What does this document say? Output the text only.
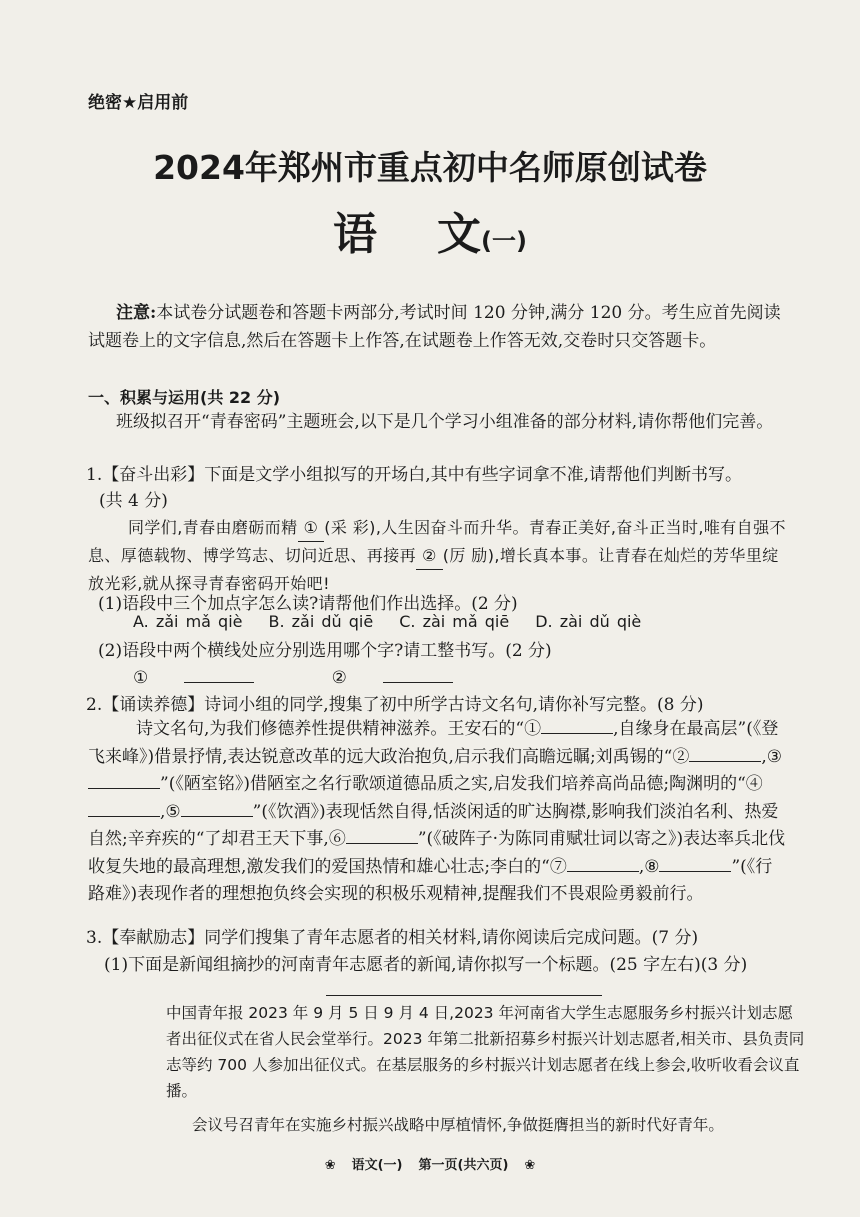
绝密★启用前
2024年郑州市重点初中名师原创试卷
语 文(一)
注意:本试卷分试题卷和答题卡两部分,考试时间 120 分钟,满分 120 分。考生应首先阅读试题卷上的文字信息,然后在答题卡上作答,在试题卷上作答无效,交卷时只交答题卡。
一、积累与运用(共 22 分)
班级拟召开“青春密码”主题班会,以下是几个学习小组准备的部分材料,请你帮他们完善。
1.【奋斗出彩】下面是文学小组拟写的开场白,其中有些字词拿不准,请帮他们判断书写。
(共 4 分)
同学们,青春由磨砺而精 ① (采 彩),人生因奋斗而升华。青春正美好,奋斗正当时,唯有自强不息、厚德载物、博学笃志、切问近思、再接再 ② (厉 励),增长真本事。让青春在灿烂的芳华里绽放光彩,就从探寻青春密码开始吧!
(1)语段中三个加点字怎么读?请帮他们作出选择。(2 分)
A. zǎi mǎ qiè B. zǎi dǔ qiē C. zài mǎ qiē D. zài dǔ qiè
(2)语段中两个横线处应分别选用哪个字?请工整书写。(2 分)
①	②
2.【诵读养德】诗词小组的同学,搜集了初中所学古诗文名句,请你补写完整。(8 分)
诗文名句,为我们修德养性提供精神滋养。王安石的“①	,自缘身在最高层”(《登飞来峰》)借景抒情,表达锐意改革的远大政治抱负,启示我们高瞻远瞩;刘禹锡的“②	,③”(《陋室铭》)借陋室之名行歌颂道德品质之实,启发我们培养高尚品德;陶渊明的“④,⑤	”(《饮酒》)表现恬然自得,恬淡闲适的旷达胸襟,影响我们淡泊名利、热爱自然;辛弃疾的“了却君王天下事,⑥	”(《破阵子·为陈同甫赋壮词以寄之》)表达率兵北伐收复失地的最高理想,激发我们的爱国热情和雄心壮志;李白的“⑦	,⑧	”(《行路难》)表现作者的理想抱负终会实现的积极乐观精神,提醒我们不畏艰险勇毅前行。
3.【奉献励志】同学们搜集了青年志愿者的相关材料,请你阅读后完成问题。(7 分)
(1)下面是新闻组摘抄的河南青年志愿者的新闻,请你拟写一个标题。(25 字左右)(3 分)
中国青年报 2023 年 9 月 5 日 9 月 4 日,2023 年河南省大学生志愿服务乡村振兴计划志愿者出征仪式在省人民会堂举行。2023 年第二批新招募乡村振兴计划志愿者,相关市、县负责同志等约 700 人参加出征仪式。在基层服务的乡村振兴计划志愿者在线上参会,收听收看会议直播。
会议号召青年在实施乡村振兴战略中厚植情怀,争做挺膺担当的新时代好青年。
❀ 语文(一) 第一页(共六页) ❀
